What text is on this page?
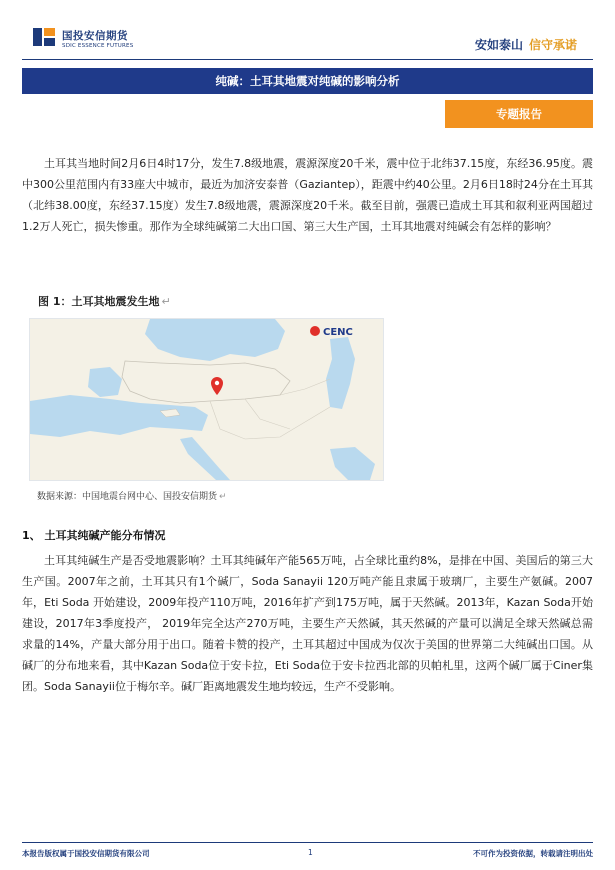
国投安信期货
SDIC ESSENCE FUTURES	安如泰山 信守承诺
纯碱：土耳其地震对纯碱的影响分析
专题报告

土耳其当地时间2月6日4时17分，发生7.8级地震，震源深度20千米，震中位于北纬37.15度，东经36.95度。震中300公里范围内有33座大中城市，最近为加济安泰普（Gaziantep），距震中约40公里。2月6日18时24分在土耳其（北纬38.00度，东经37.15度）发生7.8级地震，震源深度20千米。截至目前，强震已造成土耳其和叙利亚两国超过1.2万人死亡，损失惨重。那作为全球纯碱第二大出口国、第三大生产国，土耳其地震对纯碱会有怎样的影响？

图 1：土耳其地震发生地 ↵
CENC
数据来源：中国地震台网中心、国投安信期货 ↵
1、 土耳其纯碱产能分布情况

土耳其纯碱生产是否受地震影响？土耳其纯碱年产能565万吨，占全球比重约8%，是排在中国、美国后的第三大生产国。2007年之前，土耳其只有1个碱厂，Soda Sanayii 120万吨产能且隶属于玻璃厂，主要生产氨碱。2007年，Eti Soda 开始建设，2009年投产110万吨，2016年扩产到175万吨，属于天然碱。2013年，Kazan Soda开始建设，2017年3季度投产， 2019年完全达产270万吨，主要生产天然碱，其天然碱的产量可以满足全球天然碱总需求量的14%，产量大部分用于出口。随着卡赞的投产，土耳其超过中国成为仅次于美国的世界第二大纯碱出口国。从碱厂的分布地来看，其中Kazan Soda位于安卡拉，Eti Soda位于安卡拉西北部的贝帕札里，这两个碱厂属于Ciner集团。Soda Sanayii位于梅尔辛。碱厂距离地震发生地均较远，生产不受影响。

本报告版权属于国投安信期货有限公司	1	不可作为投资依据，转载请注明出处
